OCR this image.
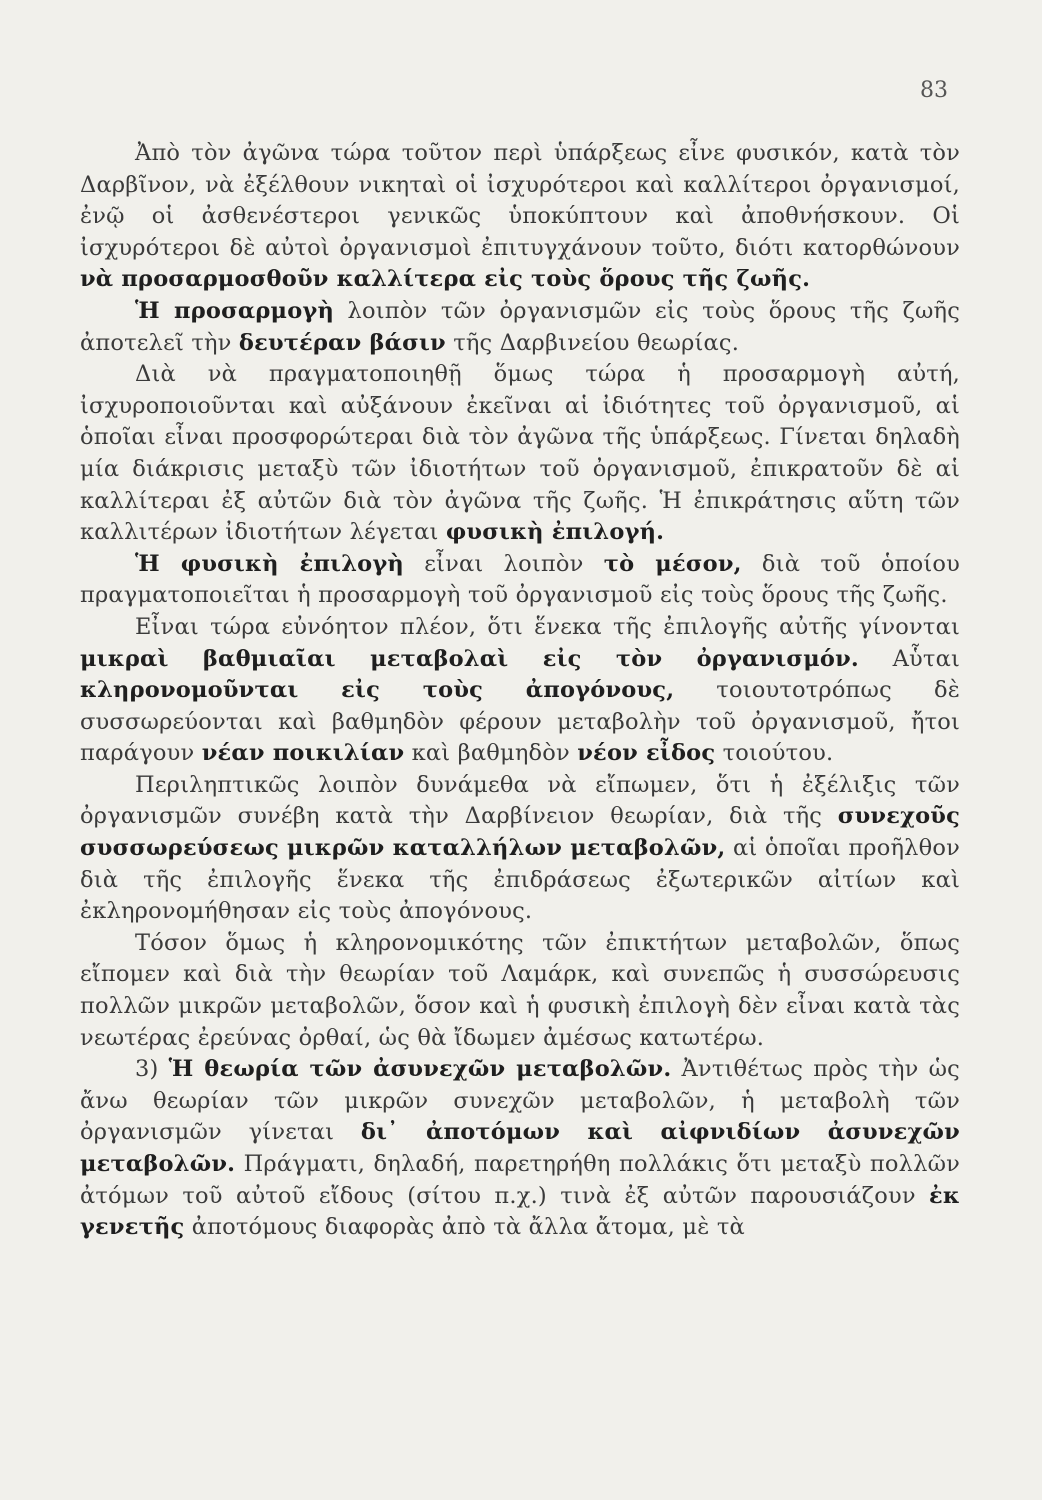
83

Ἀπὸ τὸν ἀγῶνα τώρα τοῦτον περὶ ὑπάρξεως εἶνε φυσικόν, κατὰ τὸν Δαρβῖνον, νὰ ἐξέλθουν νικηταὶ οἱ ἰσχυρότεροι καὶ καλλίτεροι ὀργανισμοί, ἐνῷ οἱ ἀσθενέστεροι γενικῶς ὑποκύπτουν καὶ ἀποθνήσκουν. Οἱ ἰσχυρότεροι δὲ αὐτοὶ ὀργανισμοὶ ἐπιτυγχάνουν τοῦτο, διότι κατορθώνουν νὰ προσαρμοσθοῦν καλλίτερα εἰς τοὺς ὅρους τῆς ζωῆς.

Ἡ προσαρμογὴ λοιπὸν τῶν ὀργανισμῶν εἰς τοὺς ὅρους τῆς ζωῆς ἀποτελεῖ τὴν δευτέραν βάσιν τῆς Δαρβινείου θεωρίας.

Διὰ νὰ πραγματοποιηθῇ ὅμως τώρα ἡ προσαρμογὴ αὐτή, ἰσχυροποιοῦνται καὶ αὐξάνουν ἐκεῖναι αἱ ἰδιότητες τοῦ ὀργανισμοῦ, αἱ ὁποῖαι εἶναι προσφορώτεραι διὰ τὸν ἀγῶνα τῆς ὑπάρξεως. Γίνεται δηλαδὴ μία διάκρισις μεταξὺ τῶν ἰδιοτήτων τοῦ ὀργανισμοῦ, ἐπικρατοῦν δὲ αἱ καλλίτεραι ἐξ αὐτῶν διὰ τὸν ἀγῶνα τῆς ζωῆς. Ἡ ἐπικράτησις αὕτη τῶν καλλιτέρων ἰδιοτήτων λέγεται φυσικὴ ἐπιλογή.

Ἡ φυσικὴ ἐπιλογὴ εἶναι λοιπὸν τὸ μέσον, διὰ τοῦ ὁποίου πραγματοποιεῖται ἡ προσαρμογὴ τοῦ ὀργανισμοῦ εἰς τοὺς ὅρους τῆς ζωῆς.

Εἶναι τώρα εὐνόητον πλέον, ὅτι ἕνεκα τῆς ἐπιλογῆς αὐτῆς γίνονται μικραὶ βαθμιαῖαι μεταβολαὶ εἰς τὸν ὀργανισμόν. Αὗται κληρονομοῦνται εἰς τοὺς ἀπογόνους, τοιουτοτρόπως δὲ συσσωρεύονται καὶ βαθμηδὸν φέρουν μεταβολὴν τοῦ ὀργανισμοῦ, ἤτοι παράγουν νέαν ποικιλίαν καὶ βαθμηδὸν νέον εἶδος τοιούτου.

Περιληπτικῶς λοιπὸν δυνάμεθα νὰ εἴπωμεν, ὅτι ἡ ἐξέλιξις τῶν ὀργανισμῶν συνέβη κατὰ τὴν Δαρβίνειον θεωρίαν, διὰ τῆς συνεχοῦς συσσωρεύσεως μικρῶν καταλλήλων μεταβολῶν, αἱ ὁποῖαι προῆλθον διὰ τῆς ἐπιλογῆς ἕνεκα τῆς ἐπιδράσεως ἐξωτερικῶν αἰτίων καὶ ἐκληρονομήθησαν εἰς τοὺς ἀπογόνους.

Τόσον ὅμως ἡ κληρονομικότης τῶν ἐπικτήτων μεταβολῶν, ὅπως εἴπομεν καὶ διὰ τὴν θεωρίαν τοῦ Λαμάρκ, καὶ συνεπῶς ἡ συσσώρευσις πολλῶν μικρῶν μεταβολῶν, ὅσον καὶ ἡ φυσικὴ ἐπιλογὴ δὲν εἶναι κατὰ τὰς νεωτέρας ἐρεύνας ὀρθαί, ὡς θὰ ἴδωμεν ἀμέσως κατωτέρω.

3) Ἡ θεωρία τῶν ἀσυνεχῶν μεταβολῶν. Ἀντιθέτως πρὸς τὴν ὡς ἄνω θεωρίαν τῶν μικρῶν συνεχῶν μεταβολῶν, ἡ μεταβολὴ τῶν ὀργανισμῶν γίνεται δι᾽ ἀποτόμων καὶ αἰφνιδίων ἀσυνεχῶν μεταβολῶν. Πράγματι, δηλαδή, παρετηρήθη πολλάκις ὅτι μεταξὺ πολλῶν ἀτόμων τοῦ αὐτοῦ εἴδους (σίτου π.χ.) τινὰ ἐξ αὐτῶν παρουσιάζουν ἐκ γενετῆς ἀποτόμους διαφορὰς ἀπὸ τὰ ἄλλα ἄτομα, μὲ τὰ
